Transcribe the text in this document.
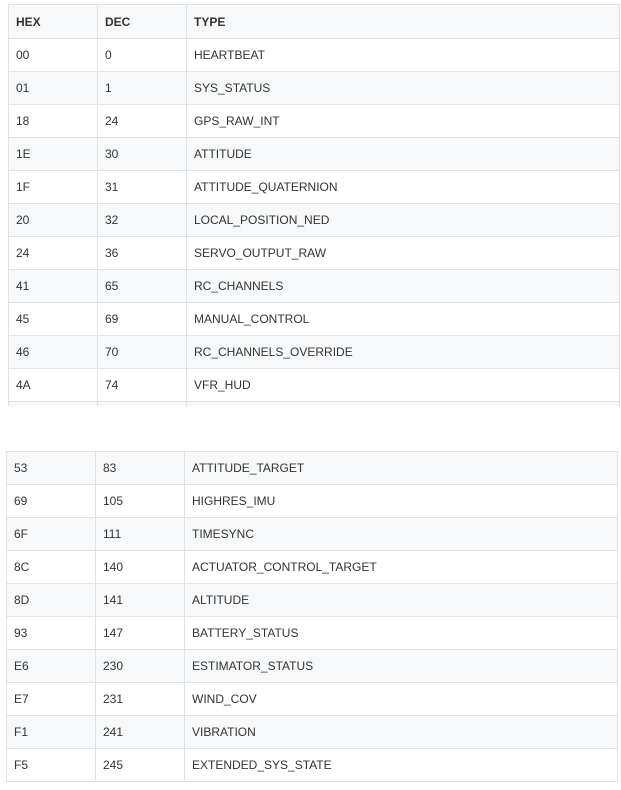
HEX	DEC	TYPE
00	0	HEARTBEAT
01	1	SYS_STATUS
18	24	GPS_RAW_INT
1E	30	ATTITUDE
1F	31	ATTITUDE_QUATERNION
20	32	LOCAL_POSITION_NED
24	36	SERVO_OUTPUT_RAW
41	65	RC_CHANNELS
45	69	MANUAL_CONTROL
46	70	RC_CHANNELS_OVERRIDE
4A	74	VFR_HUD

53	83	ATTITUDE_TARGET
69	105	HIGHRES_IMU
6F	111	TIMESYNC
8C	140	ACTUATOR_CONTROL_TARGET
8D	141	ALTITUDE
93	147	BATTERY_STATUS
E6	230	ESTIMATOR_STATUS
E7	231	WIND_COV
F1	241	VIBRATION
F5	245	EXTENDED_SYS_STATE
